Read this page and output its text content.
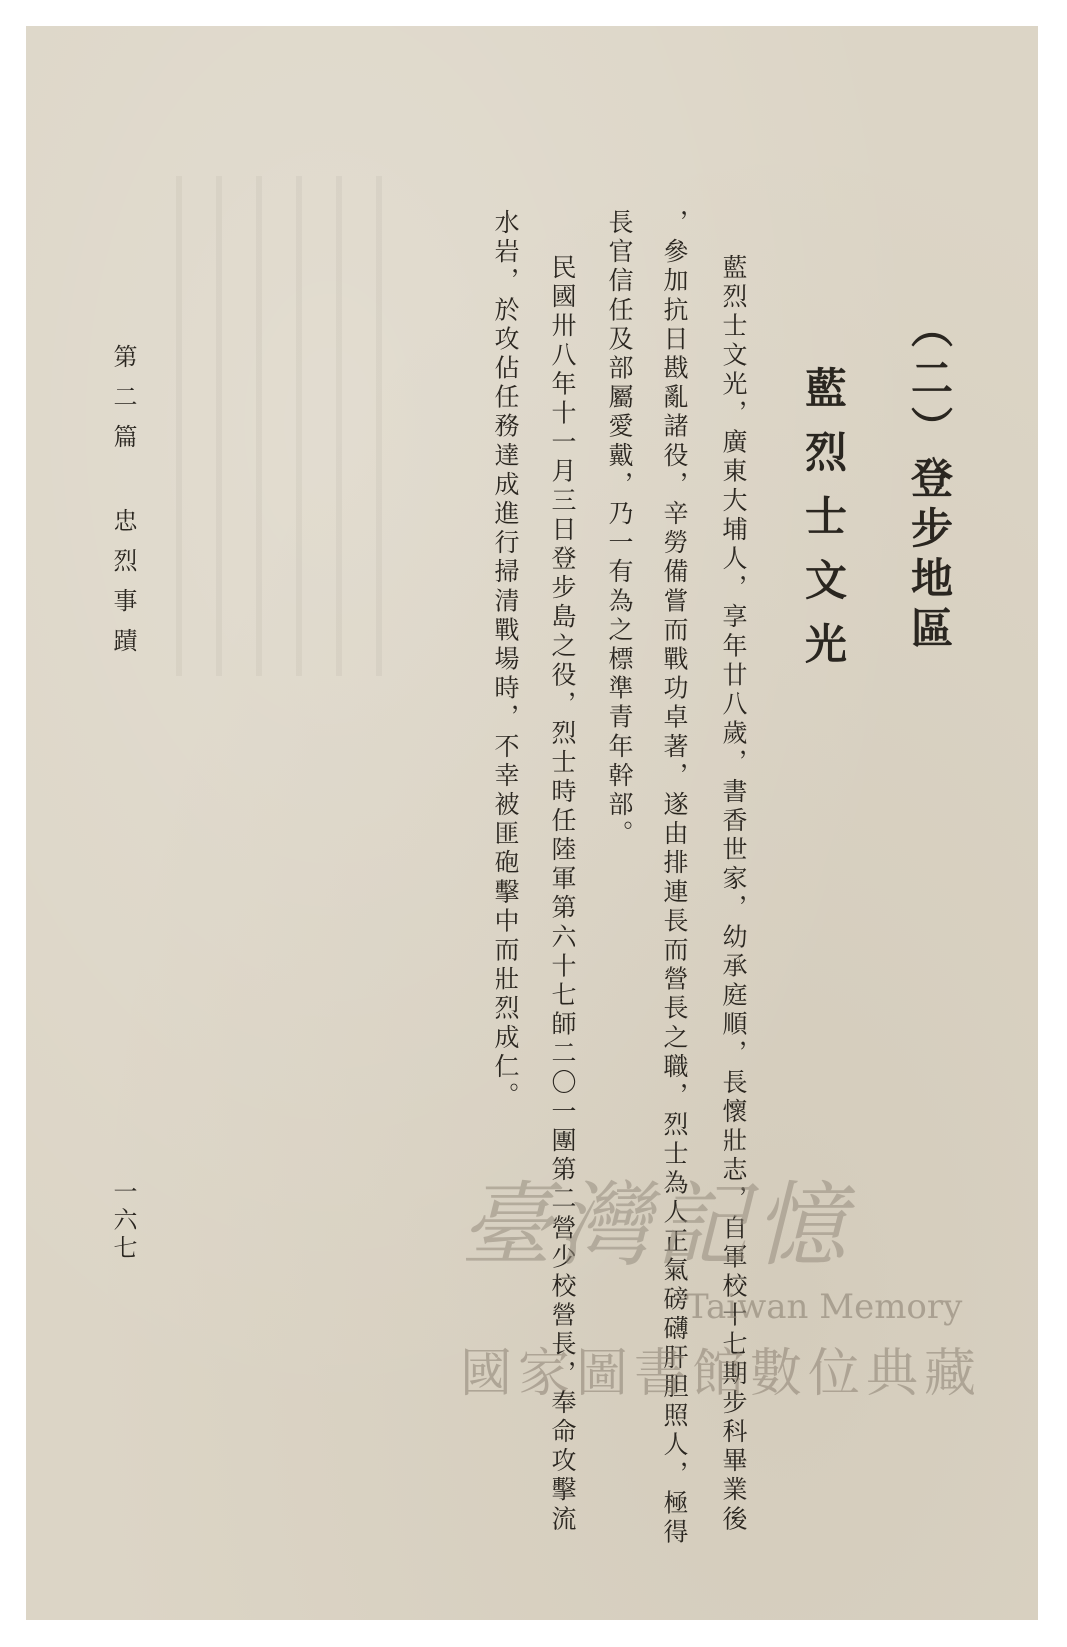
（二）登步地區
藍烈士文光

藍烈士文光，廣東大埔人，享年廿八歲，書香世家，幼承庭順，長懷壯志，自軍校十七期步科畢業後

，參加抗日戡亂諸役，辛勞備嘗而戰功卓著，遂由排連長而營長之職，烈士為人正氣磅礴肝胆照人，極得

長官信任及部屬愛戴，乃一有為之標準青年幹部。

民國卅八年十一月三日登步島之役，烈士時任陸軍第六十七師二〇一團第二營少校營長，奉命攻擊流

水岩，於攻佔任務達成進行掃清戰場時，不幸被匪砲擊中而壯烈成仁。

第二篇 忠烈事蹟
一六七	臺灣記憶
Taiwan Memory
國家圖書館數位典藏
